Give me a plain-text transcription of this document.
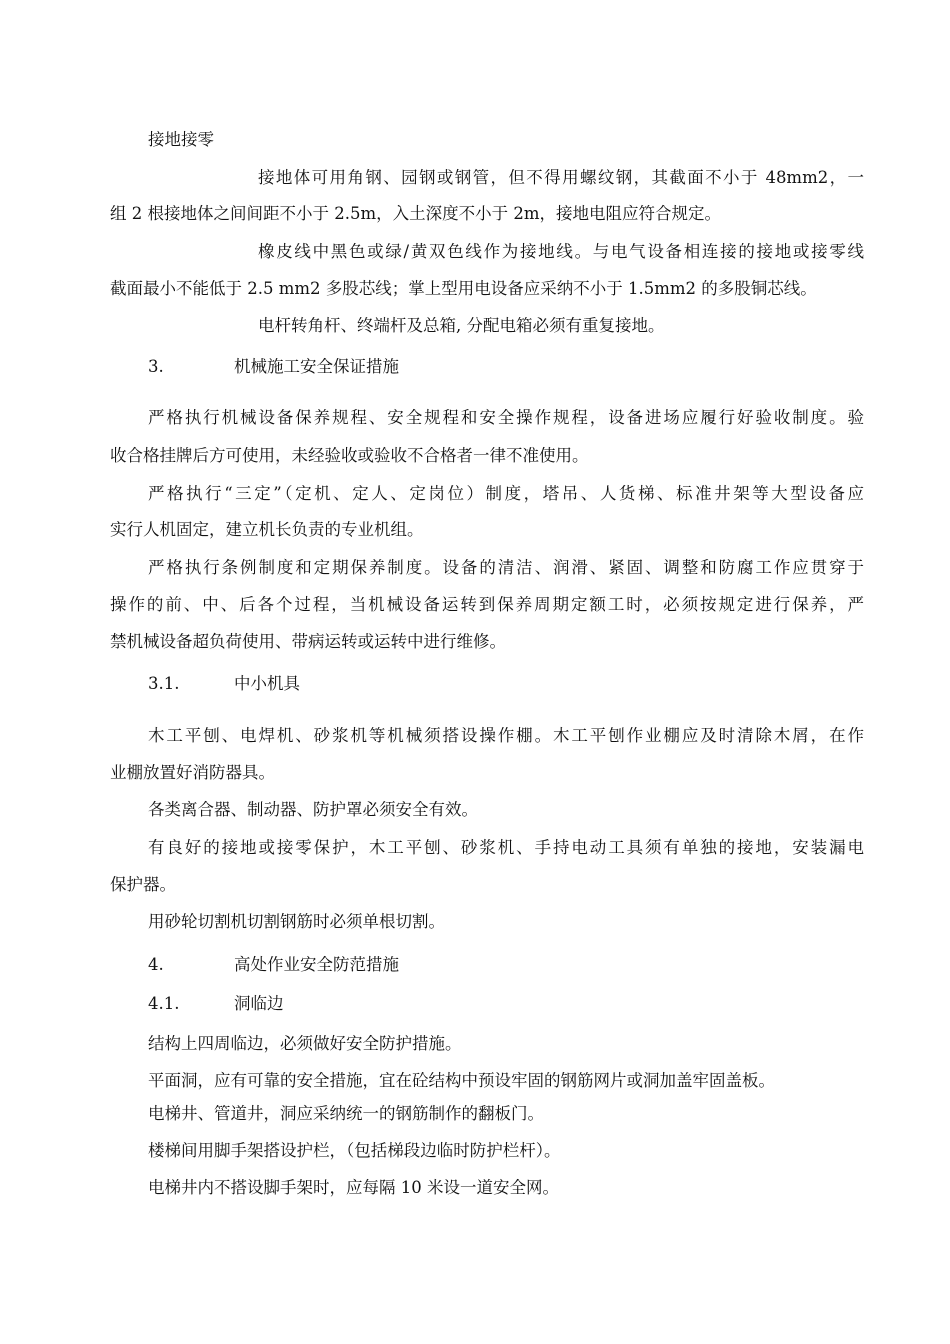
接地接零
接地体可用角钢、园钢或钢管，但不得用螺纹钢，其截面不小于 48mm2，一
组 2 根接地体之间间距不小于 2.5m，入土深度不小于 2m，接地电阻应符合规定。
橡皮线中黑色或绿/黄双色线作为接地线。与电气设备相连接的接地或接零线
截面最小不能低于 2.5 mm2 多股芯线；掌上型用电设备应采纳不小于 1.5mm2 的多股铜芯线。
电杆转角杆、终端杆及总箱, 分配电箱必须有重复接地。
3.	机械施工安全保证措施
严格执行机械设备保养规程、安全规程和安全操作规程，设备进场应履行好验收制度。验
收合格挂牌后方可使用，未经验收或验收不合格者一律不准使用。
严格执行“三定”（定机、定人、定岗位）制度，塔吊、人货梯、标准井架等大型设备应
实行人机固定，建立机长负责的专业机组。
严格执行条例制度和定期保养制度。设备的清洁、润滑、紧固、调整和防腐工作应贯穿于
操作的前、中、后各个过程，当机械设备运转到保养周期定额工时，必须按规定进行保养，严
禁机械设备超负荷使用、带病运转或运转中进行维修。
3.1.	中小机具
木工平刨、电焊机、砂浆机等机械须搭设操作棚。木工平刨作业棚应及时清除木屑，在作
业棚放置好消防器具。
各类离合器、制动器、防护罩必须安全有效。
有良好的接地或接零保护，木工平刨、砂浆机、手持电动工具须有单独的接地，安装漏电
保护器。
用砂轮切割机切割钢筋时必须单根切割。
4.	高处作业安全防范措施
4.1.	洞临边
结构上四周临边，必须做好安全防护措施。
平面洞，应有可靠的安全措施，宜在砼结构中预设牢固的钢筋网片或洞加盖牢固盖板。
电梯井、管道井，洞应采纳统一的钢筋制作的翻板门。
楼梯间用脚手架搭设护栏，（包括梯段边临时防护栏杆）。
电梯井内不搭设脚手架时，应每隔 10 米设一道安全网。
